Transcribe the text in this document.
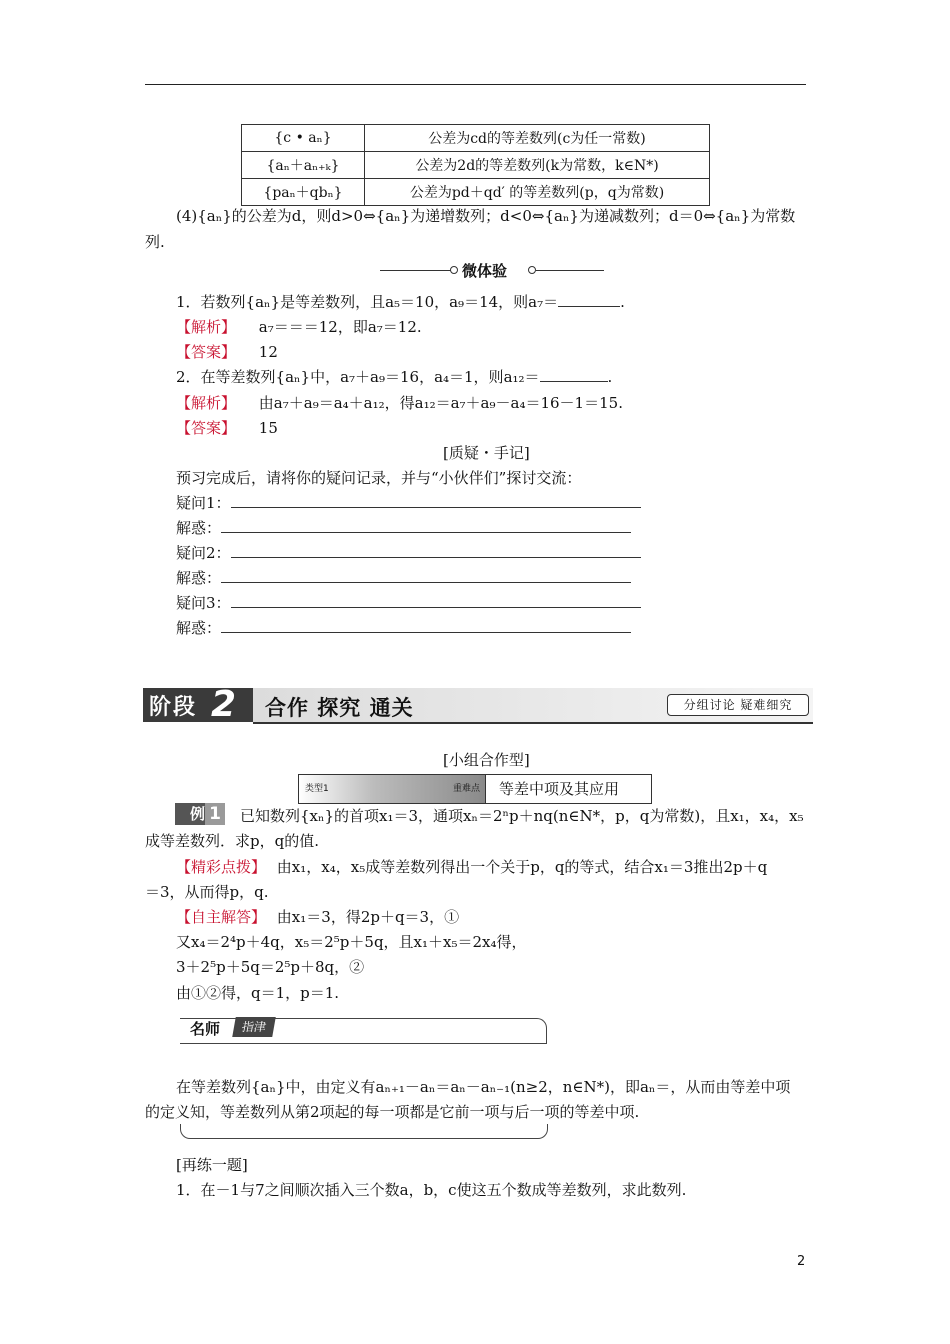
{c • aₙ}	公差为cd的等差数列(c为任一常数)
{aₙ＋aₙ₊ₖ}	公差为2d的等差数列(k为常数，k∈N*)
{paₙ＋qbₙ}	公差为pd＋qd′ 的等差数列(p，q为常数)
(4){aₙ}的公差为d，则d>0⇔{aₙ}为递增数列；d<0⇔{aₙ}为递减数列；d＝0⇔{aₙ}为常数
列.
微体验
1．若数列{aₙ}是等差数列，且a₅＝10，a₉＝14，则a₇＝	.
【解析】 a₇＝＝＝12，即a₇＝12.
【答案】 12
2．在等差数列{aₙ}中，a₇＋a₉＝16，a₄＝1，则a₁₂＝	.
【解析】 由a₇＋a₉＝a₄＋a₁₂，得a₁₂＝a₇＋a₉－a₄＝16－1＝15.
【答案】 15
[质疑・手记]
预习完成后，请将你的疑问记录，并与“小伙伴们”探讨交流：
疑问1：
解惑：
疑问2：
解惑：
疑问3：
解惑：
阶段 2 合作 探究 通关	分组讨论 疑难细究
[小组合作型]
类型1	重难点 等差中项及其应用
例 1 已知数列{xₙ}的首项x₁＝3，通项xₙ＝2ⁿp＋nq(n∈N*，p，q为常数)，且x₁，x₄，x₅
成等差数列．求p，q的值.
【精彩点拨】 由x₁，x₄，x₅成等差数列得出一个关于p，q的等式，结合x₁＝3推出2p＋q
＝3，从而得p，q.
【自主解答】 由x₁＝3，得2p＋q＝3，①
又x₄＝2⁴p＋4q，x₅＝2⁵p＋5q，且x₁＋x₅＝2x₄得，
3＋2⁵p＋5q＝2⁵p＋8q，②
由①②得，q＝1，p＝1.
名师	指津
在等差数列{aₙ}中，由定义有aₙ₊₁－aₙ＝aₙ－aₙ₋₁(n≥2，n∈N*)，即aₙ＝，从而由等差中项
的定义知，等差数列从第2项起的每一项都是它前一项与后一项的等差中项.
[再练一题]
1．在－1与7之间顺次插入三个数a，b，c使这五个数成等差数列，求此数列.
2
